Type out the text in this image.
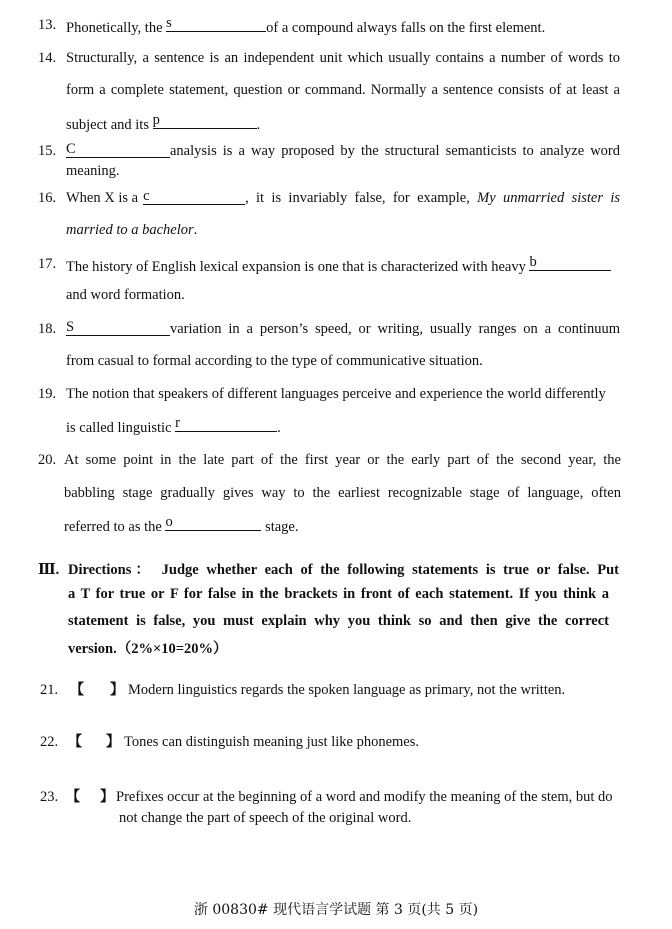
13. Phonetically, the s	of a compound always falls on the first element.
14. Structurally, a sentence is an independent unit which usually contains a number of words to
form a complete statement, question or command. Normally a sentence consists of at least a
subject and its p	.
15. C	analysis is a way proposed by the structural semanticists to analyze word
meaning.
16. When X is a c	, it is invariably false, for example, My unmarried sister is
married to a bachelor.
17. The history of English lexical expansion is one that is characterized with heavy b
and word formation.
18. S	variation in a person’s speed, or writing, usually ranges on a continuum
from casual to formal according to the type of communicative situation.
19. The notion that speakers of different languages perceive and experience the world differently
is called linguistic r	.
20. At some point in the late part of the first year or the early part of the second year, the
babbling stage gradually gives way to the earliest recognizable stage of language, often
referred to as the o	stage.
Ⅲ. Directions： Judge whether each of the following statements is true or false. Put
a T for true or F for false in the brackets in front of each statement. If you think a
statement is false, you must explain why you think so and then give the correct
version.（2%×10=20%）
21. 【 】 Modern linguistics regards the spoken language as primary, not the written.
22. 【 】 Tones can distinguish meaning just like phonemes.
23. 【 】 Prefixes occur at the beginning of a word and modify the meaning of the stem, but do
not change the part of speech of the original word.
浙 00830# 现代语言学试题 第 3 页(共 5 页)
